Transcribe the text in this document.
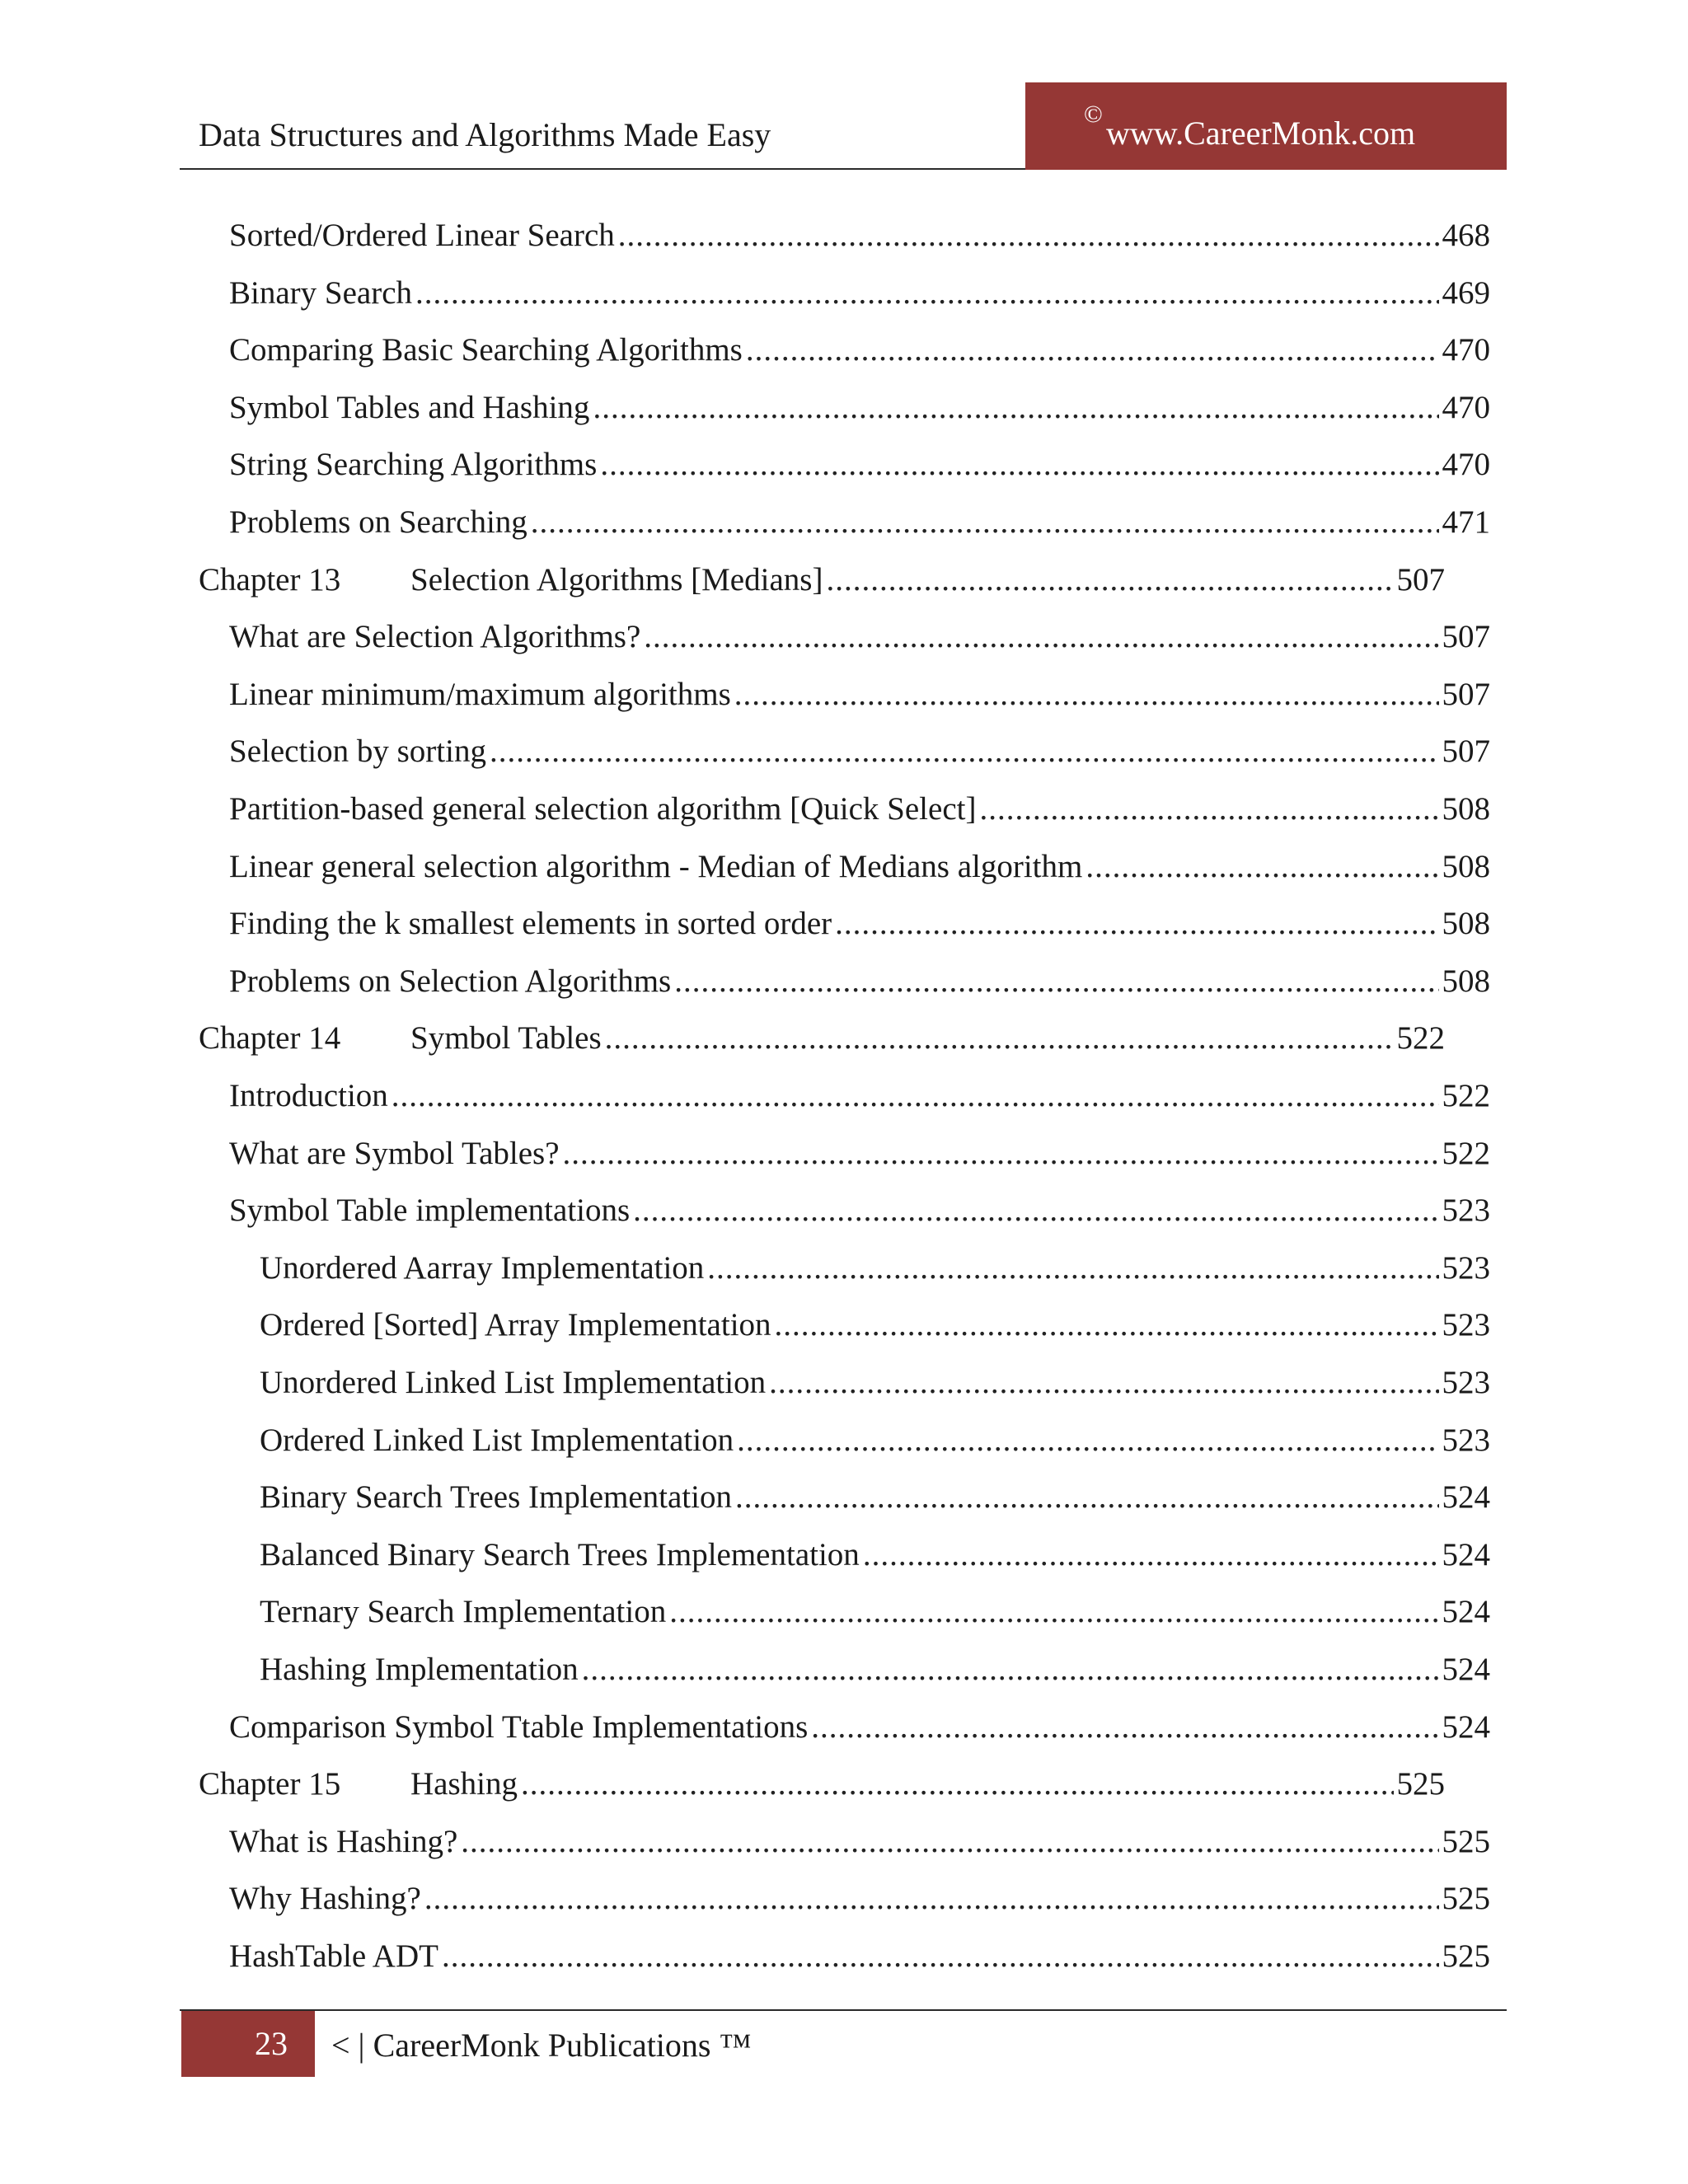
Data Structures and Algorithms Made Easy
©
www.CareerMonk.com
Sorted/Ordered Linear Search .....	468
Binary Search .....	469
Comparing Basic Searching Algorithms .....	470
Symbol Tables and Hashing .....	470
String Searching Algorithms .....	470
Problems on Searching .....	471
Chapter 13	Selection Algorithms [Medians] .....	507
What are Selection Algorithms? .....	507
Linear minimum/maximum algorithms .....	507
Selection by sorting .....	507
Partition-based general selection algorithm [Quick Select] .....	508
Linear general selection algorithm - Median of Medians algorithm .....	508
Finding the k smallest elements in sorted order .....	508
Problems on Selection Algorithms .....	508
Chapter 14	Symbol Tables .....	522
Introduction .....	522
What are Symbol Tables? .....	522
Symbol Table implementations .....	523
Unordered Aarray Implementation .....	523
Ordered [Sorted] Array Implementation .....	523
Unordered Linked List Implementation .....	523
Ordered Linked List Implementation .....	523
Binary Search Trees Implementation .....	524
Balanced Binary Search Trees Implementation .....	524
Ternary Search Implementation .....	524
Hashing Implementation .....	524
Comparison Symbol Ttable Implementations .....	524
Chapter 15	Hashing .....	525
What is Hashing? .....	525
Why Hashing? .....	525
HashTable ADT .....	525
23	< | CareerMonk Publications ™
